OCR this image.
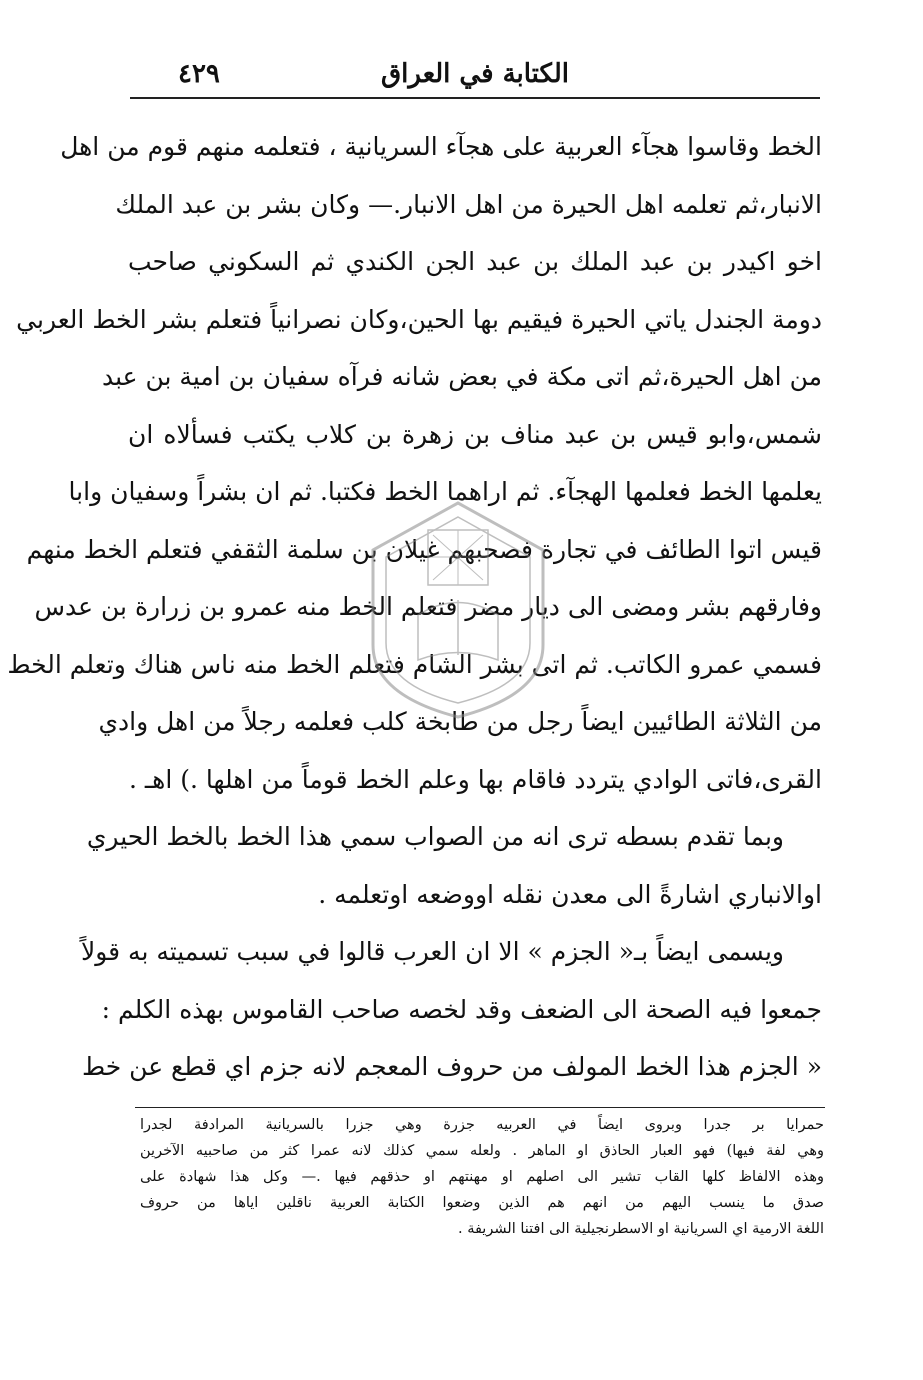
الكتابة في العراق
٤٢٩
الخط وقاسوا هجآء العربية على هجآء السريانية ، فتعلمه منهم قوم من اهل
الانبار،ثم تعلمه اهل الحيرة من اهل الانبار.— وكان بشر بن عبد الملك
اخو اكيدر بن عبد الملك بن عبد الجن الكندي ثم السكوني صاحب
دومة الجندل ياتي الحيرة فيقيم بها الحين،وكان نصرانياً فتعلم بشر الخط العربي
من اهل الحيرة،ثم اتى مكة في بعض شانه فرآه سفيان بن امية بن عبد
شمس،وابو قيس بن عبد مناف بن زهرة بن كلاب يكتب فسألاه ان
يعلمها الخط فعلمها الهجآء. ثم اراهما الخط فكتبا. ثم ان بشراً وسفيان وابا
قيس اتوا الطائف في تجارة فصحبهم غيلان بن سلمة الثقفي فتعلم الخط منهم
وفارقهم بشر ومضى الى ديار مضر فتعلم الخط منه عمرو بن زرارة بن عدس
فسمي عمرو الكاتب. ثم اتى بشر الشام فتعلم الخط منه ناس هناك وتعلم الخط
من الثلاثة الطائيين ايضاً رجل من طابخة كلب فعلمه رجلاً من اهل وادي
القرى،فاتى الوادي يتردد فاقام بها وعلم الخط قوماً من اهلها .) اهـ .
وبما تقدم بسطه ترى انه من الصواب سمي هذا الخط بالخط الحيري
اوالانباري اشارةً الى معدن نقله اووضعه اوتعلمه .
ويسمى ايضاً بـ« الجزم » الا ان العرب قالوا في سبب تسميته به قولاً
جمعوا فيه الصحة الى الضعف وقد لخصه صاحب القاموس بهذه الكلم :
« الجزم هذا الخط المولف من حروف المعجم لانه جزم اي قطع عن خط
حمرايا بر جدرا وبروى ايضاً في العربيه جزرة وهي جزرا بالسريانية المرادفة لجدرا
وهي لفة فيها) فهو العبار الحاذق او الماهر . ولعله سمي كذلك لانه عمرا كثر من صاحبيه الآخرين
وهذه الالفاظ كلها القاب تشير الى اصلهم او مهنتهم او حذقهم فيها .— وكل هذا شهادة على
صدق ما ينسب اليهم من انهم هم الذين وضعوا الكتابة العربية ناقلين اياها من حروف
اللغة الارمية اي السريانية او الاسطرنجيلية الى افتنا الشريفة .
